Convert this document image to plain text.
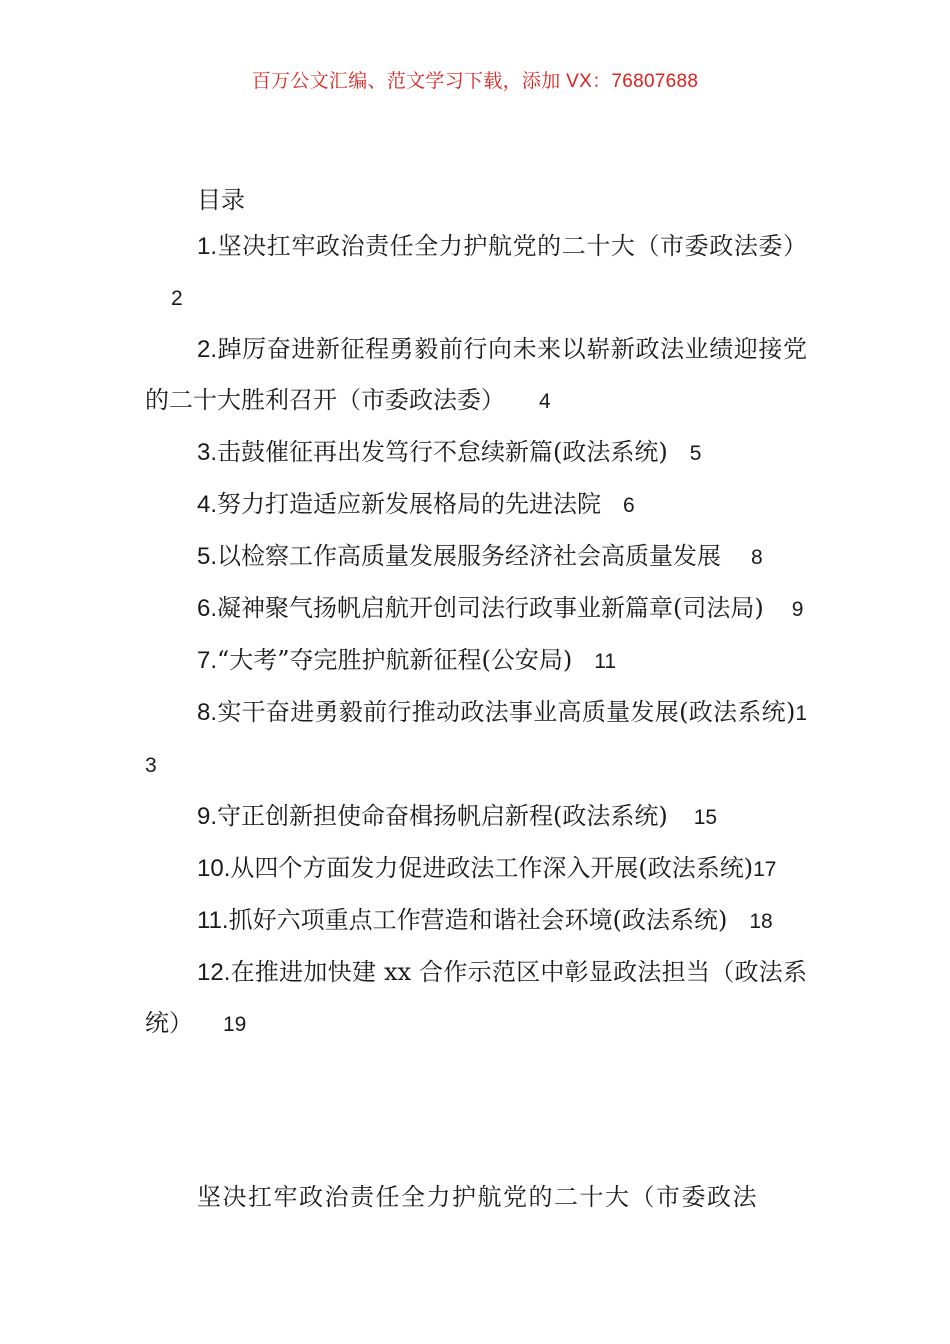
百万公文汇编、范文学习下载，添加 VX：76807688
目录
1.坚决扛牢政治责任全力护航党的二十大（市委政法委）2
2.踔厉奋进新征程勇毅前行向未来以崭新政法业绩迎接党的二十大胜利召开（市委政法委） 4
3.击鼓催征再出发笃行不怠续新篇(政法系统) 5
4.努力打造适应新发展格局的先进法院 6
5.以检察工作高质量发展服务经济社会高质量发展 8
6.凝神聚气扬帆启航开创司法行政事业新篇章(司法局) 9
7.“大考”夺完胜护航新征程(公安局) 11
8.实干奋进勇毅前行推动政法事业高质量发展(政法系统)13
9.守正创新担使命奋楫扬帆启新程(政法系统) 15
10.从四个方面发力促进政法工作深入开展(政法系统)17
11.抓好六项重点工作营造和谐社会环境(政法系统) 18
12.在推进加快建 xx 合作示范区中彰显政法担当（政法系统） 19
坚决扛牢政治责任全力护航党的二十大（市委政法
